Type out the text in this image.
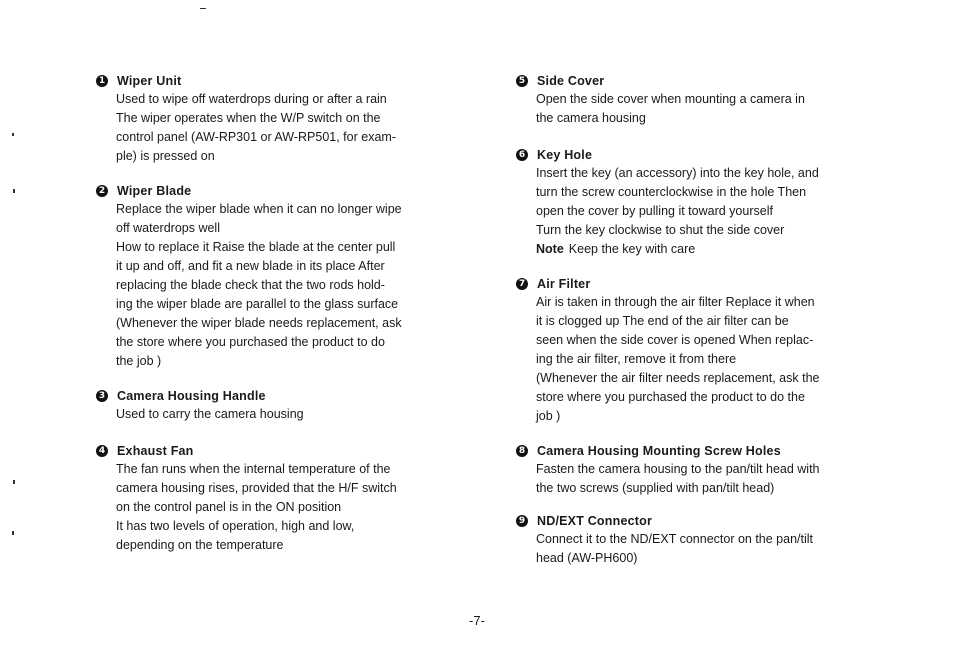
1 Wiper Unit
Used to wipe off waterdrops during or after a rain
The wiper operates when the W/P switch on the
control panel (AW-RP301 or AW-RP501, for exam-
ple) is pressed on
2 Wiper Blade
Replace the wiper blade when it can no longer wipe
off waterdrops well
How to replace it Raise the blade at the center pull
it up and off, and fit a new blade in its place After
replacing the blade check that the two rods hold-
ing the wiper blade are parallel to the glass surface
(Whenever the wiper blade needs replacement, ask
the store where you purchased the product to do
the job )
3 Camera Housing Handle
Used to carry the camera housing
4 Exhaust Fan
The fan runs when the internal temperature of the
camera housing rises, provided that the H/F switch
on the control panel is in the ON position
It has two levels of operation, high and low,
depending on the temperature
5 Side Cover
Open the side cover when mounting a camera in
the camera housing
6 Key Hole
Insert the key (an accessory) into the key hole, and
turn the screw counterclockwise in the hole Then
open the cover by pulling it toward yourself
Turn the key clockwise to shut the side cover
Note Keep the key with care
7 Air Filter
Air is taken in through the air filter Replace it when
it is clogged up The end of the air filter can be
seen when the side cover is opened When replac-
ing the air filter, remove it from there
(Whenever the air filter needs replacement, ask the
store where you purchased the product to do the
job )
8 Camera Housing Mounting Screw Holes
Fasten the camera housing to the pan/tilt head with
the two screws (supplied with pan/tilt head)
9 ND/EXT Connector
Connect it to the ND/EXT connector on the pan/tilt
head (AW-PH600)
-7-
